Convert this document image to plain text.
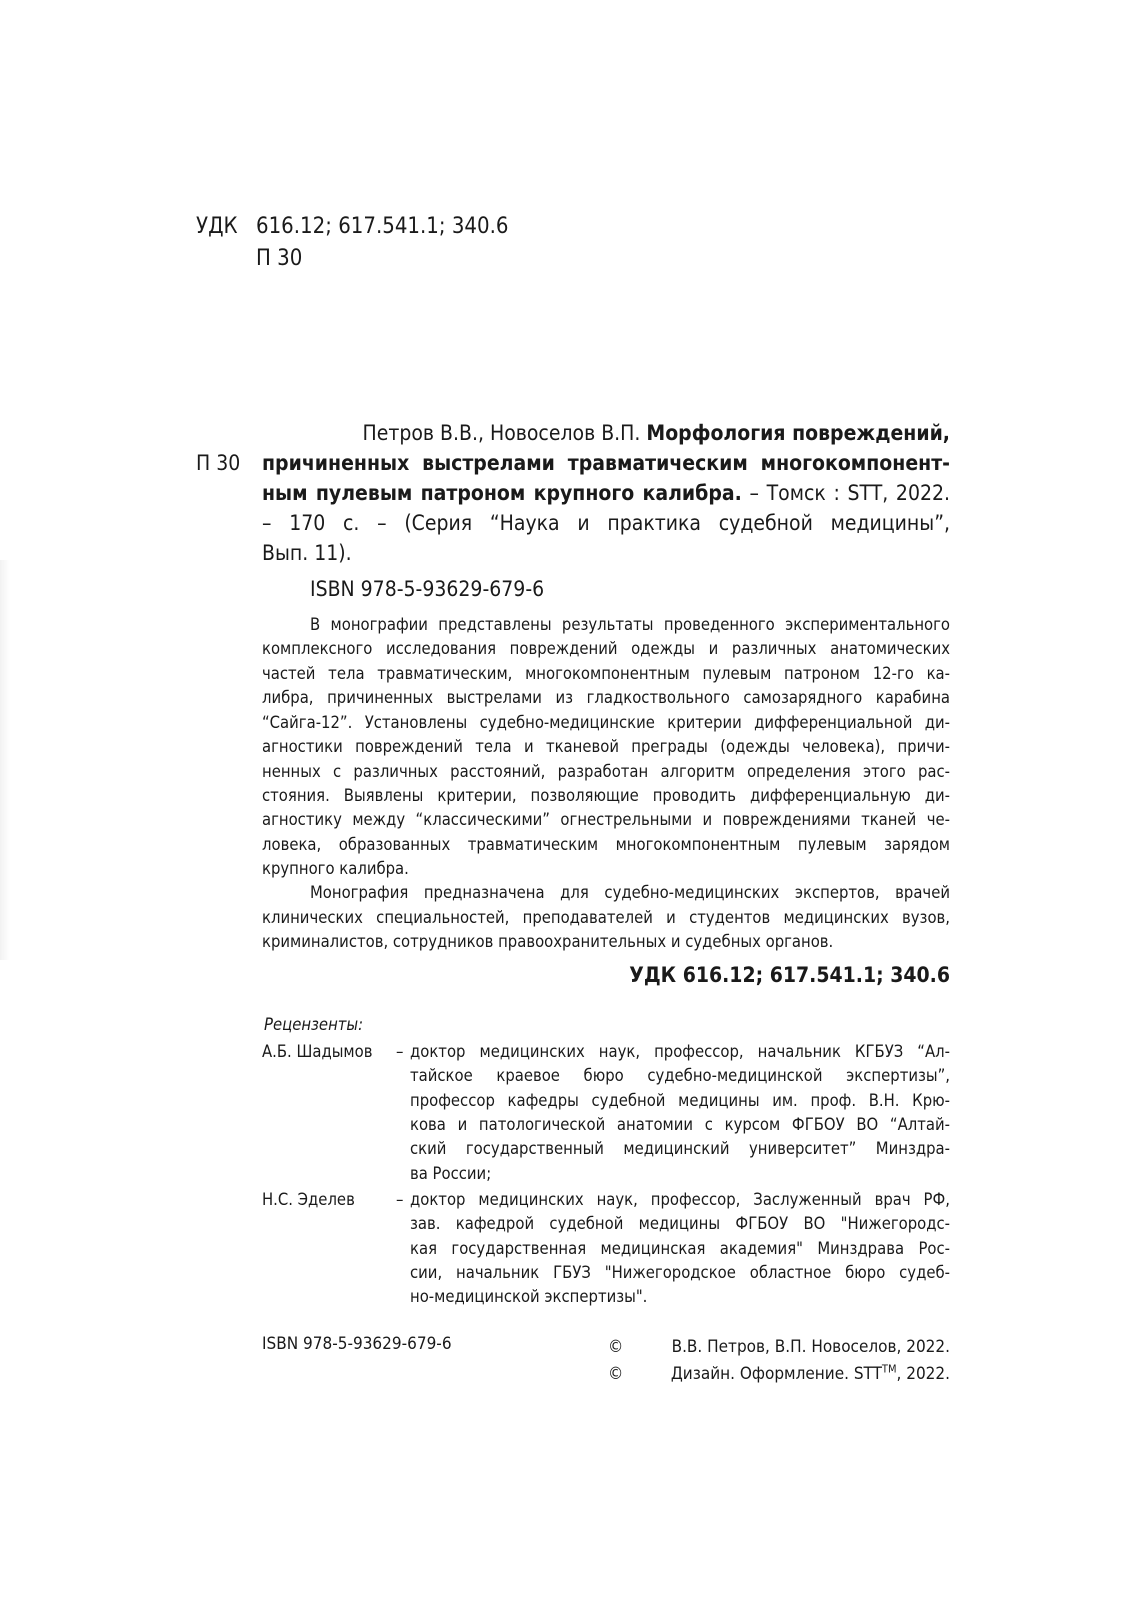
УДК 616.12; 617.541.1; 340.6
П 30
П 30
Петров В.В., Новоселов В.П. Морфология повреждений,
причиненных выстрелами травматическим многокомпонент-
ным пулевым патроном крупного калибра. – Томск : STT, 2022.
– 170 с. – (Серия “Наука и практика судебной медицины”,
Вып. 11).
ISBN 978-5-93629-679-6
В монографии представлены результаты проведенного экспериментального
комплексного исследования повреждений одежды и различных анатомических
частей тела травматическим, многокомпонентным пулевым патроном 12-го ка-
либра, причиненных выстрелами из гладкоствольного самозарядного карабина
“Сайга-12”. Установлены судебно-медицинские критерии дифференциальной ди-
агностики повреждений тела и тканевой преграды (одежды человека), причи-
ненных с различных расстояний, разработан алгоритм определения этого рас-
стояния. Выявлены критерии, позволяющие проводить дифференциальную ди-
агностику между “классическими” огнестрельными и повреждениями тканей че-
ловека, образованных травматическим многокомпонентным пулевым зарядом
крупного калибра.
Монография предназначена для судебно-медицинских экспертов, врачей
клинических специальностей, преподавателей и студентов медицинских вузов,
криминалистов, сотрудников правоохранительных и судебных органов.
УДК 616.12; 617.541.1; 340.6
Рецензенты:
А.Б. Шадымов – доктор медицинских наук, профессор, начальник КГБУЗ “Ал-
тайское краевое бюро судебно-медицинской экспертизы”,
профессор кафедры судебной медицины им. проф. В.Н. Крю-
кова и патологической анатомии с курсом ФГБОУ ВО “Алтай-
ский государственный медицинский университет” Минздра-
ва России;
Н.С. Эделев – доктор медицинских наук, профессор, Заслуженный врач РФ,
зав. кафедрой судебной медицины ФГБОУ ВО "Нижегородс-
кая государственная медицинская академия" Минздрава Рос-
сии, начальник ГБУЗ "Нижегородское областное бюро судеб-
но-медицинской экспертизы".
ISBN 978-5-93629-679-6	©	В.В. Петров, В.П. Новоселов, 2022.
©	Дизайн. Оформление. STT™, 2022.
